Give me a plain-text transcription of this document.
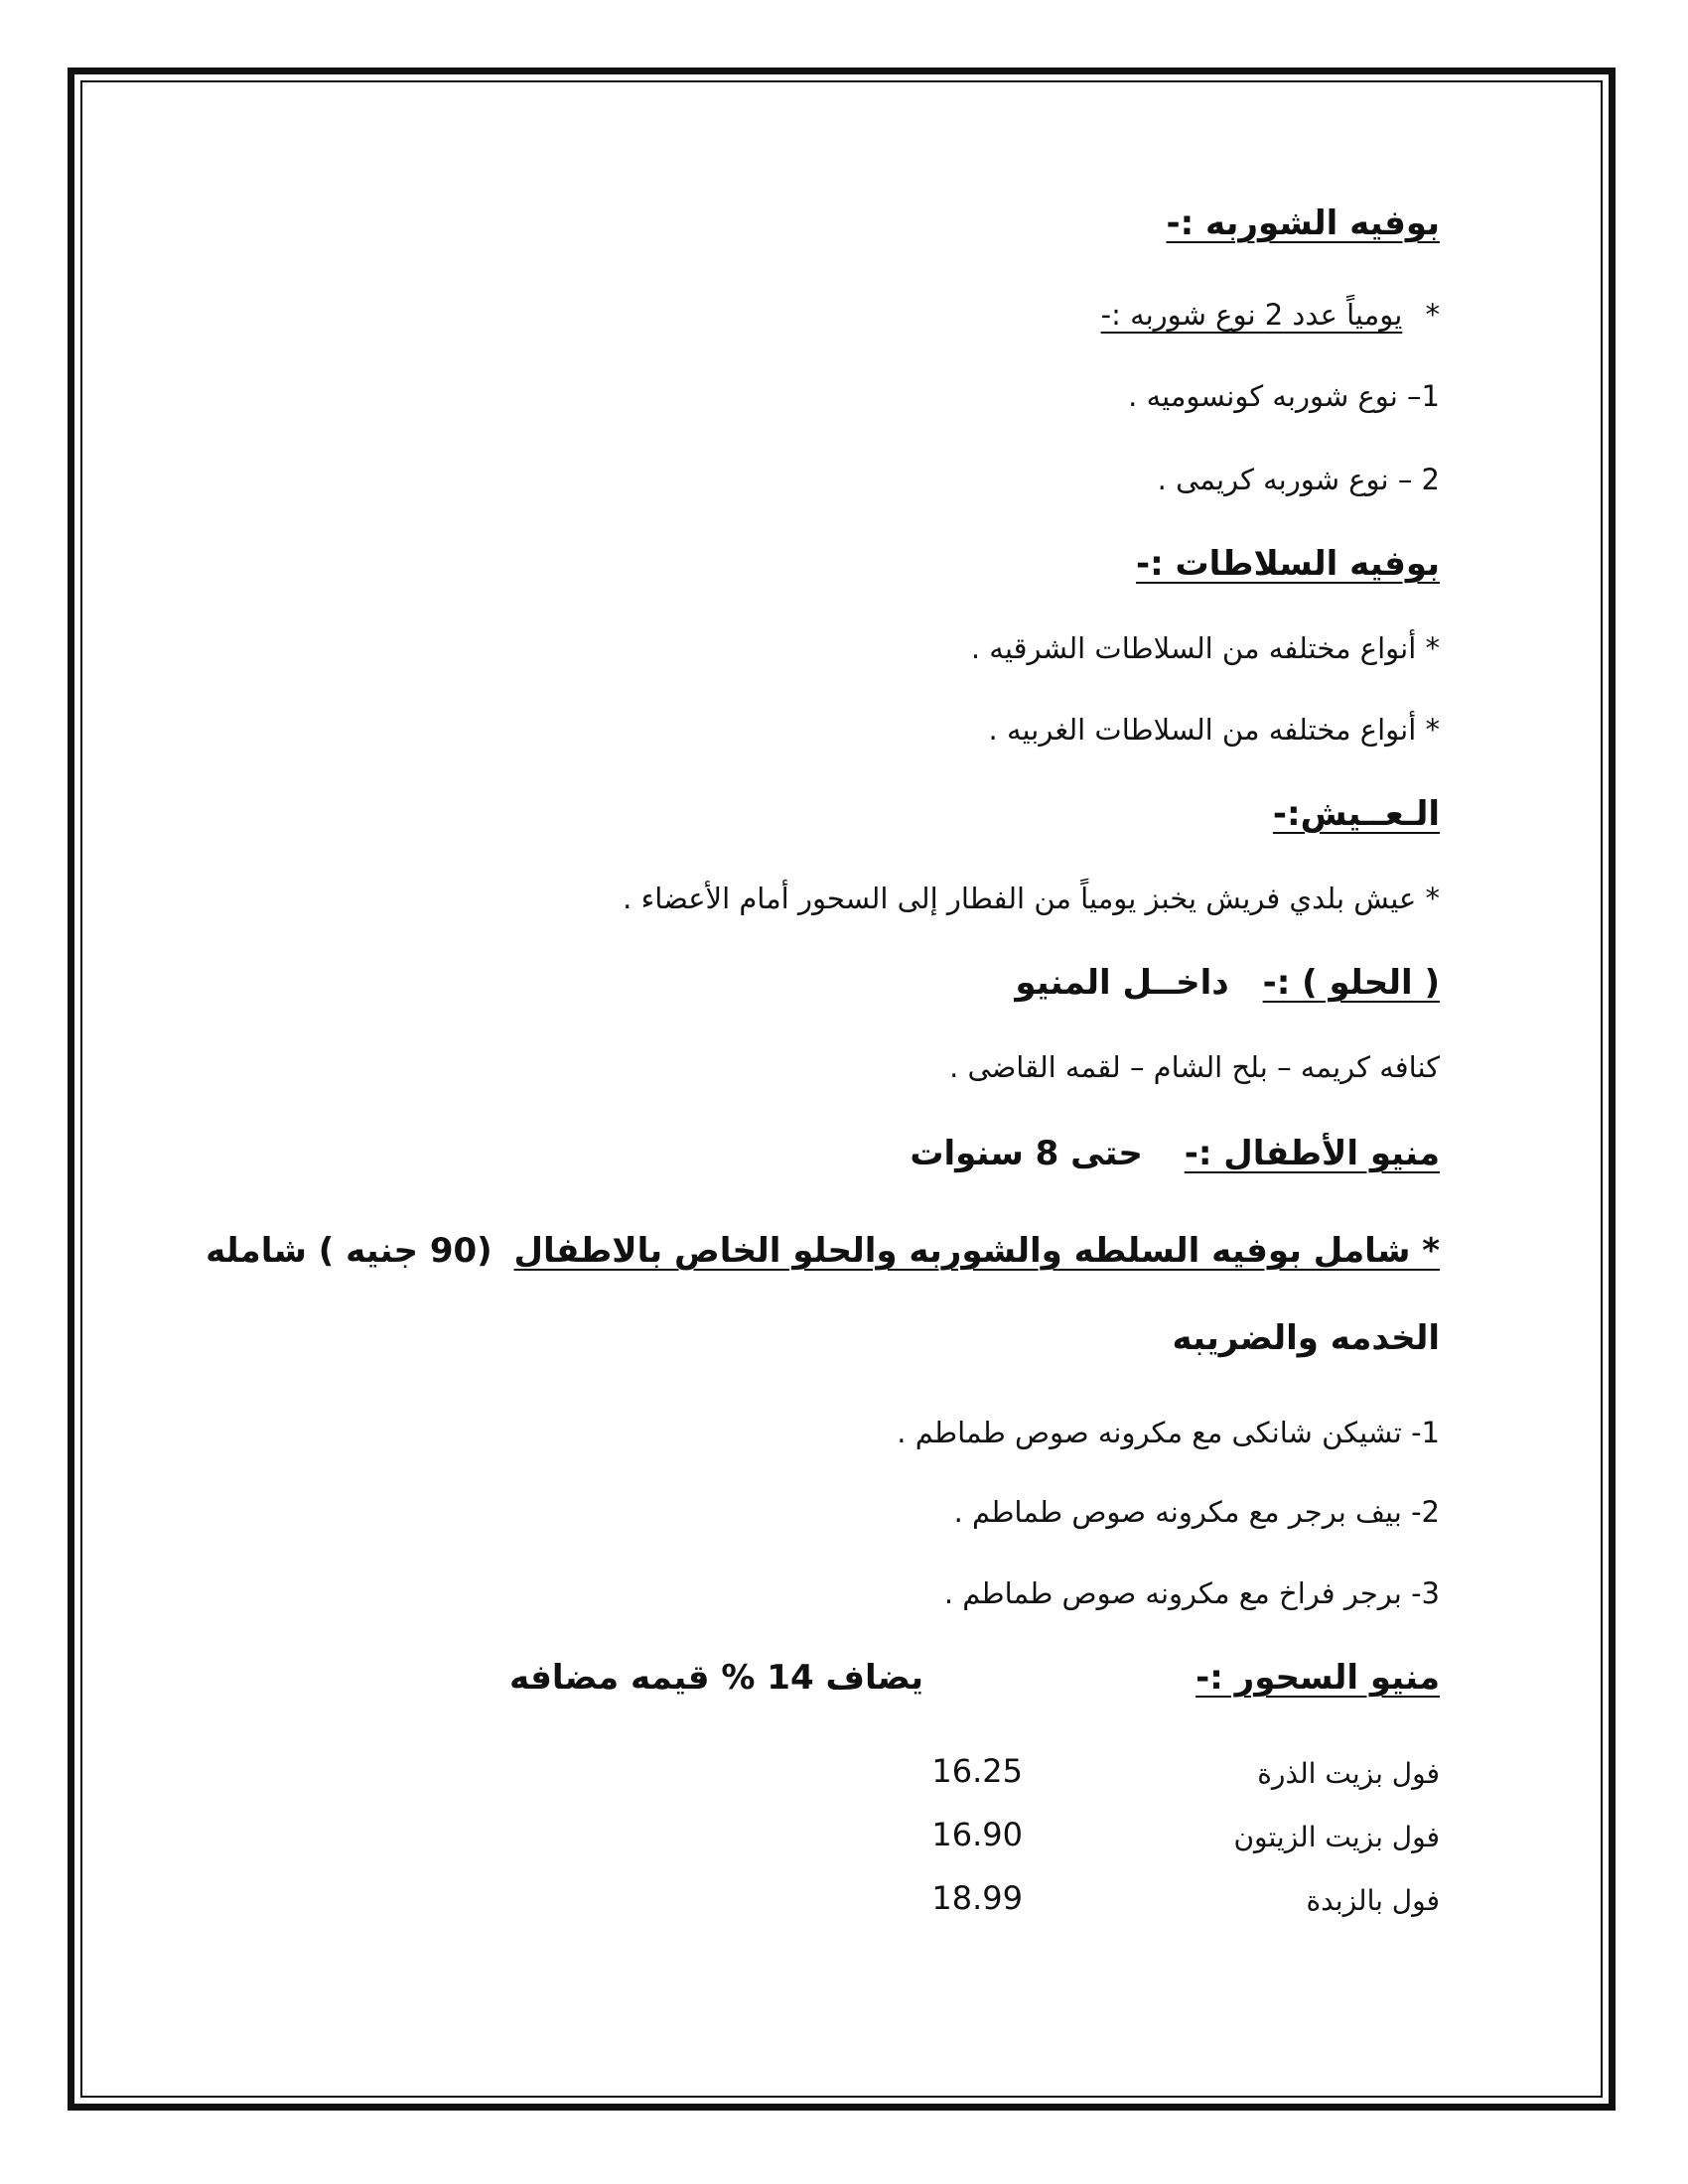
بوفيه الشوربه :-
* يومياً عدد 2 نوع شوربه :-
1– نوع شوربه كونسوميه .
2 – نوع شوربه كريمى .
بوفيه السلاطات :-
* أنواع مختلفه من السلاطات الشرقيه .
* أنواع مختلفه من السلاطات الغربيه .
الـعــيش:-
* عيش بلدي فريش يخبز يومياً من الفطار إلى السحور أمام الأعضاء .
( الحلو ) :- داخــل المنيو
كنافه كريمه – بلح الشام – لقمه القاضى .
منيو الأطفال :- حتى 8 سنوات
* شامل بوفيه السلطه والشوربه والحلو الخاص بالاطفال (90 جنيه ) شامله
الخدمه والضريبه
1- تشيكن شانكى مع مكرونه صوص طماطم .
2- بيف برجر مع مكرونه صوص طماطم .
3- برجر فراخ مع مكرونه صوص طماطم .
منيو السحور :-
يضاف 14 % قيمه مضافه
فول بزيت الذرة
16.25
فول بزيت الزيتون
16.90
فول بالزبدة
18.99
